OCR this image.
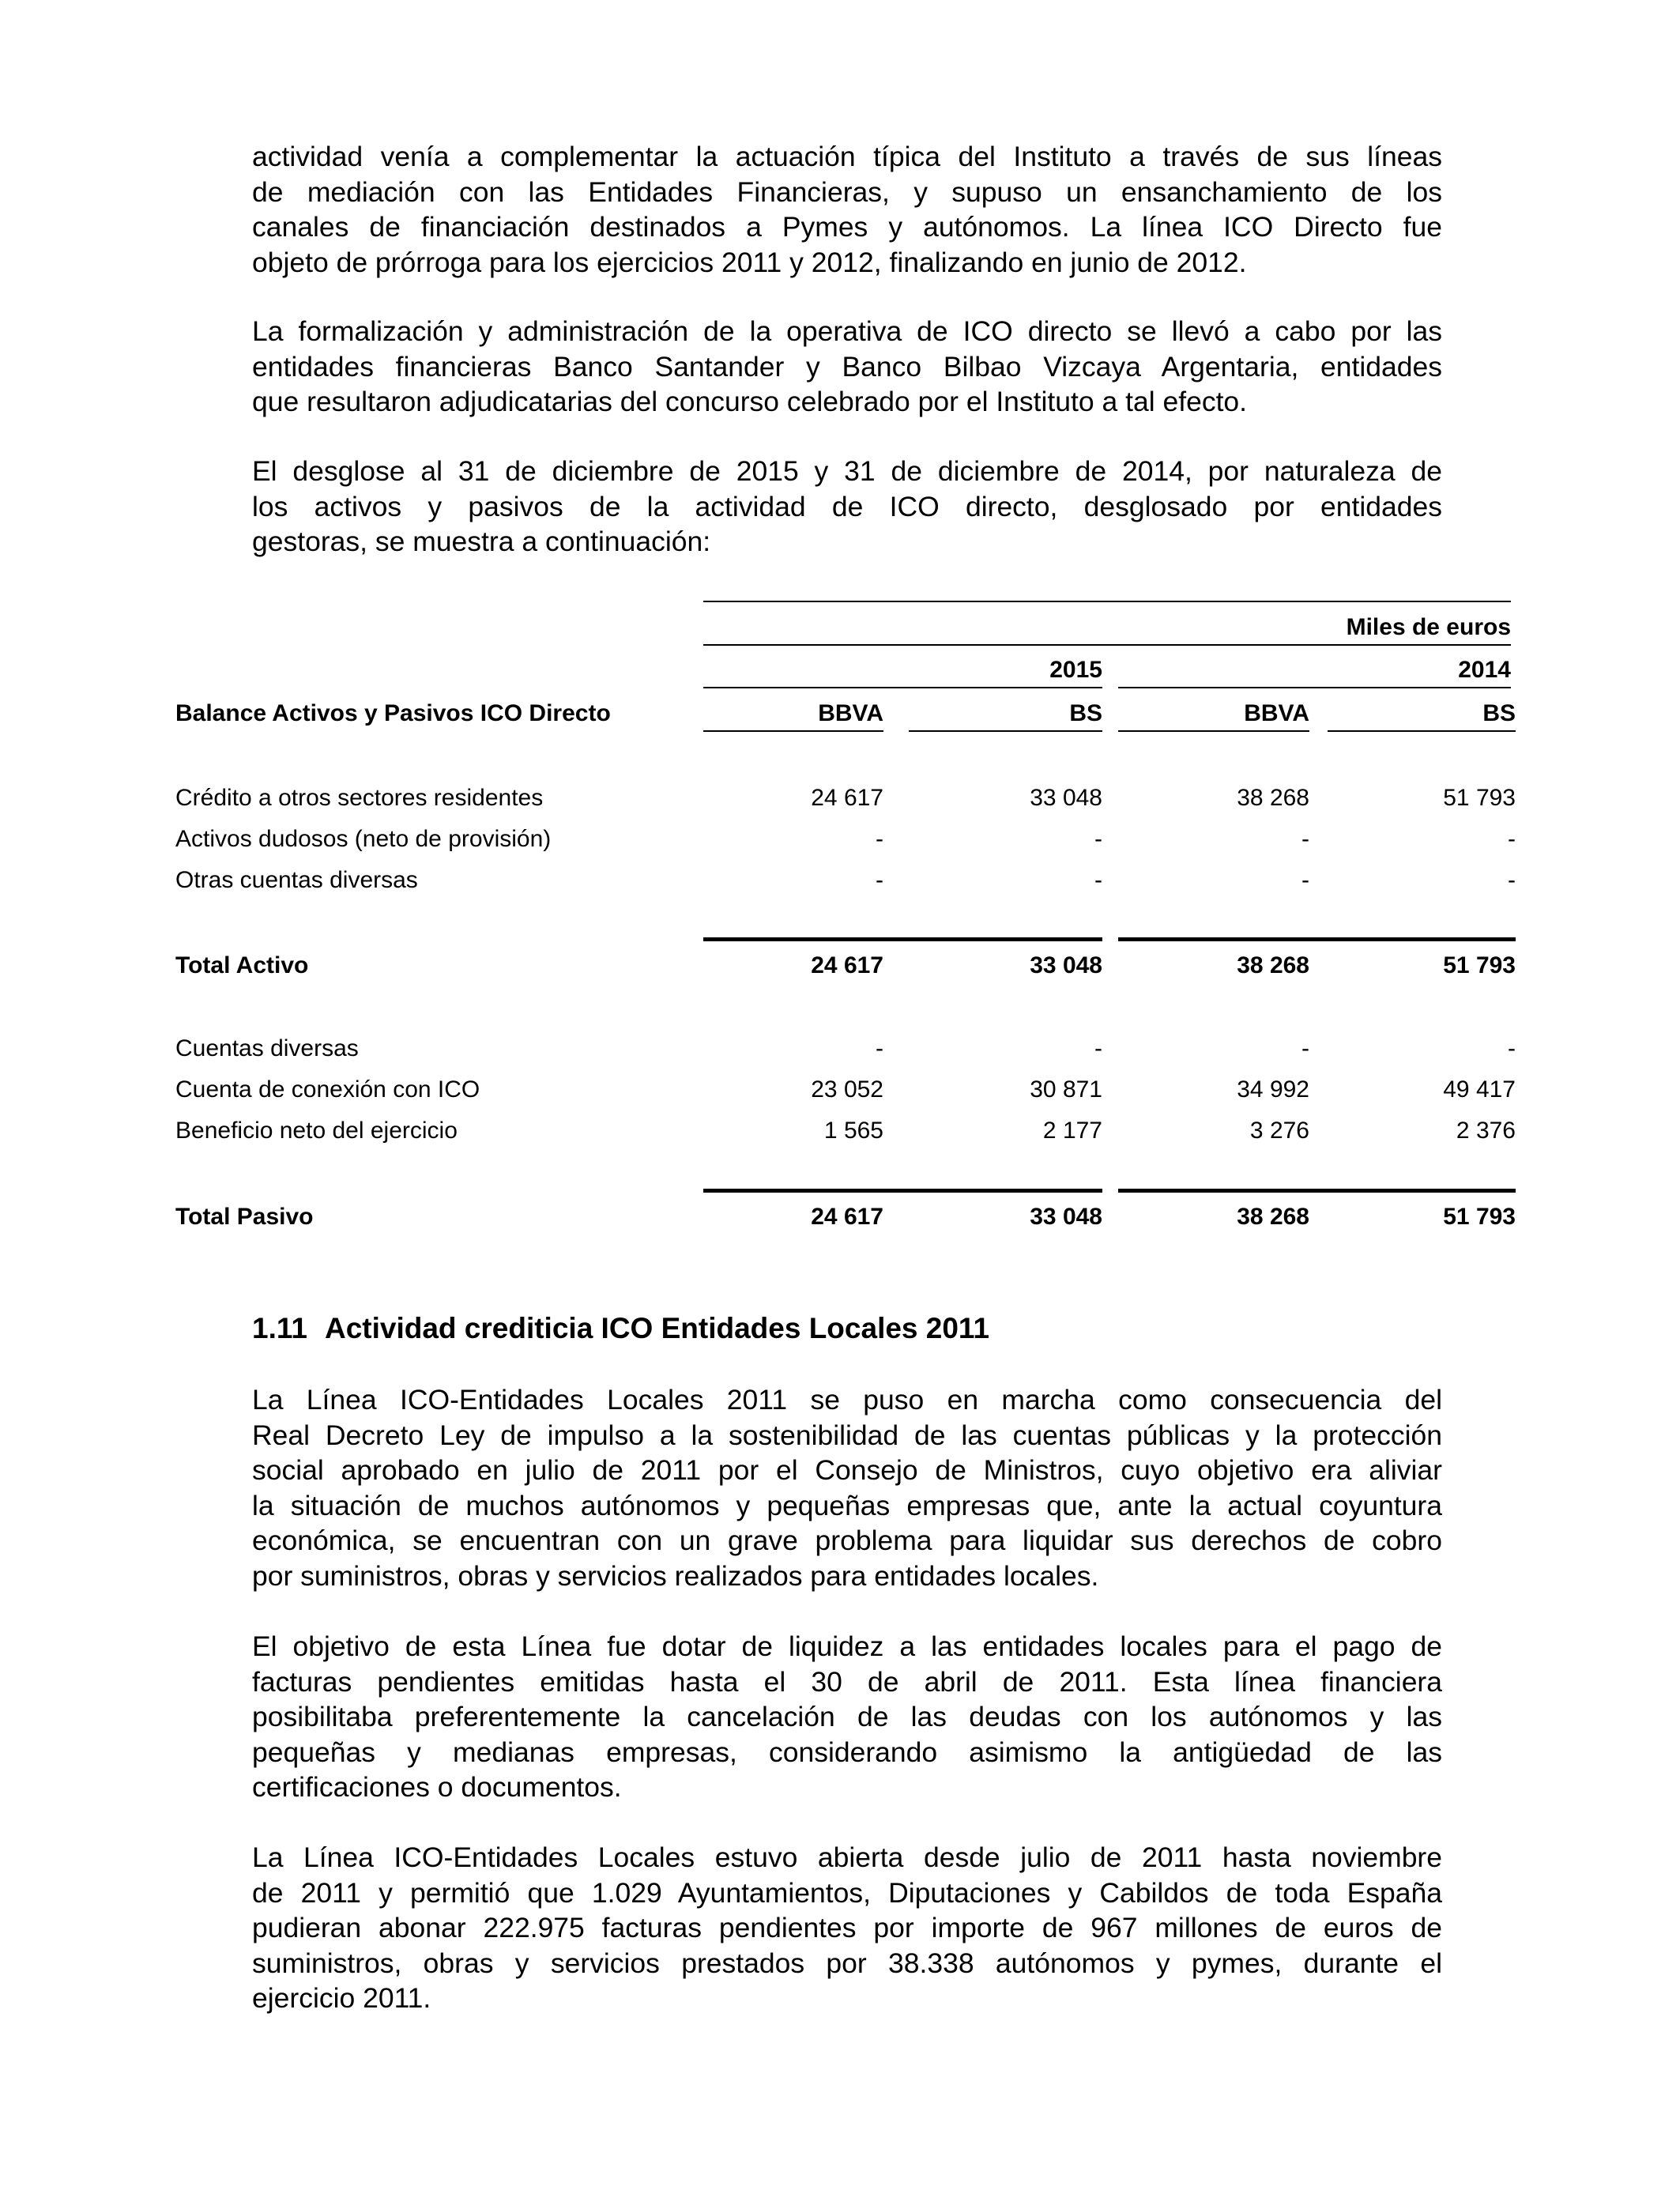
actividad venía a complementar la actuación típica del Instituto a través de sus líneas
de mediación con las Entidades Financieras, y supuso un ensanchamiento de los
canales de financiación destinados a Pymes y autónomos. La línea ICO Directo fue
objeto de prórroga para los ejercicios 2011 y 2012, finalizando en junio de 2012.
La formalización y administración de la operativa de ICO directo se llevó a cabo por las
entidades financieras Banco Santander y Banco Bilbao Vizcaya Argentaria, entidades
que resultaron adjudicatarias del concurso celebrado por el Instituto a tal efecto.
El desglose al 31 de diciembre de 2015 y 31 de diciembre de 2014, por naturaleza de
los activos y pasivos de la actividad de ICO directo, desglosado por entidades
gestoras, se muestra a continuación:
Miles de euros
2015	2014
Balance Activos y Pasivos ICO Directo	BBVA	BS	BBVA	BS
Crédito a otros sectores residentes	24 617	33 048	38 268	51 793
Activos dudosos (neto de provisión)	-	-	-	-
Otras cuentas diversas	-	-	-	-
Total Activo	24 617	33 048	38 268	51 793
Cuentas diversas	-	-	-	-
Cuenta de conexión con ICO	23 052	30 871	34 992	49 417
Beneficio neto del ejercicio	1 565	2 177	3 276	2 376
Total Pasivo	24 617	33 048	38 268	51 793
1.11 Actividad crediticia ICO Entidades Locales 2011
La Línea ICO-Entidades Locales 2011 se puso en marcha como consecuencia del
Real Decreto Ley de impulso a la sostenibilidad de las cuentas públicas y la protección
social aprobado en julio de 2011 por el Consejo de Ministros, cuyo objetivo era aliviar
la situación de muchos autónomos y pequeñas empresas que, ante la actual coyuntura
económica, se encuentran con un grave problema para liquidar sus derechos de cobro
por suministros, obras y servicios realizados para entidades locales.
El objetivo de esta Línea fue dotar de liquidez a las entidades locales para el pago de
facturas pendientes emitidas hasta el 30 de abril de 2011. Esta línea financiera
posibilitaba preferentemente la cancelación de las deudas con los autónomos y las
pequeñas y medianas empresas, considerando asimismo la antigüedad de las
certificaciones o documentos.
La Línea ICO-Entidades Locales estuvo abierta desde julio de 2011 hasta noviembre
de 2011 y permitió que 1.029 Ayuntamientos, Diputaciones y Cabildos de toda España
pudieran abonar 222.975 facturas pendientes por importe de 967 millones de euros de
suministros, obras y servicios prestados por 38.338 autónomos y pymes, durante el
ejercicio 2011.
